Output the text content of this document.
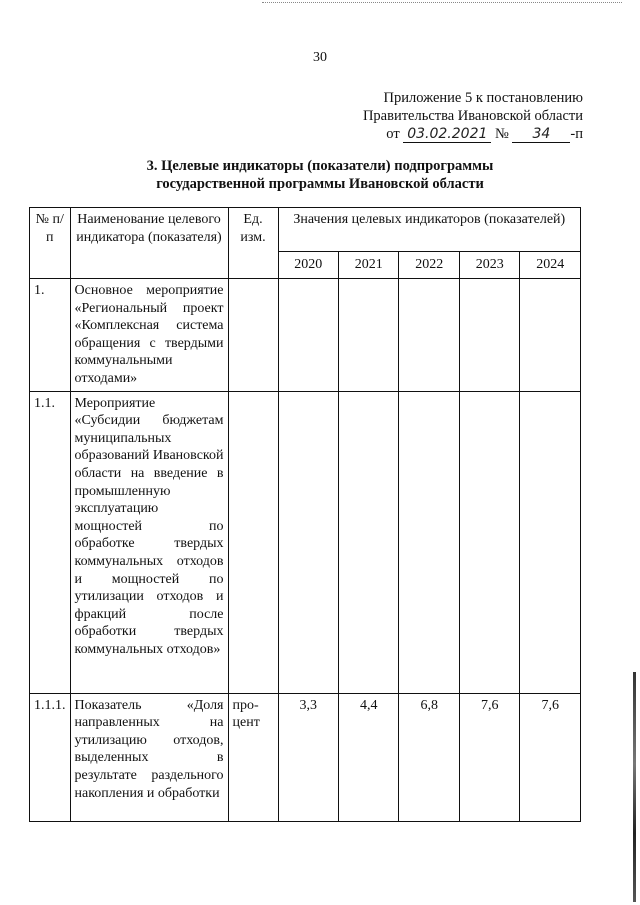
30
Приложение 5 к постановлению
Правительства Ивановской области
от 03.02.2021 № 34 -п
3. Целевые индикаторы (показатели) подпрограммы
государственной программы Ивановской области
№ п/п	Наименование целевого индикатора (показателя)	Ед. изм.	Значения целевых индикаторов (показателей)				
			2020	2021	2022	2023	2024
1.	Основное мероприятие «Региональный проект «Комплексная система обращения с твердыми коммунальными отходами»						
1.1.	Мероприятие «Субсидии бюджетам муниципальных образований Ивановской области на введение в промышленную эксплуатацию мощностей по обработке твердых коммунальных отходов и мощностей по утилизации отходов и фракций после обработки твердых коммунальных отходов»						
1.1.1.	Показатель «Доля направленных на утилизацию отходов, выделенных в результате раздельного накопления и обработки	про-цент	3,3	4,4	6,8	7,6	7,6
